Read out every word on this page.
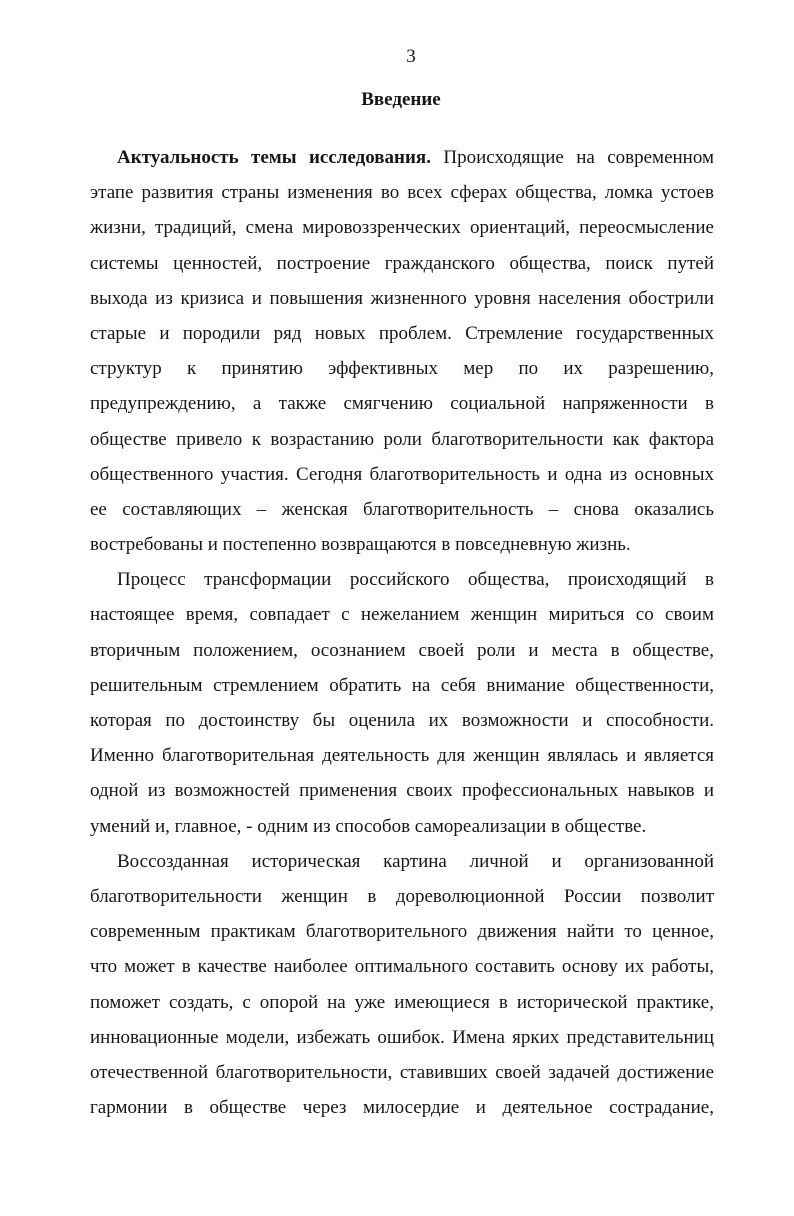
3
Введение
Актуальность темы исследования. Происходящие на современном
этапе развития страны изменения во всех сферах общества, ломка устоев
жизни, традиций, смена мировоззренческих ориентаций, переосмысление
системы ценностей, построение гражданского общества, поиск путей
выхода из кризиса и повышения жизненного уровня населения обострили
старые и породили ряд новых проблем. Стремление государственных
структур к принятию эффективных мер по их разрешению,
предупреждению, а также смягчению социальной напряженности в
обществе привело к возрастанию роли благотворительности как фактора
общественного участия. Сегодня благотворительность и одна из основных
ее составляющих – женская благотворительность – снова оказались
востребованы и постепенно возвращаются в повседневную жизнь.
Процесс трансформации российского общества, происходящий в
настоящее время, совпадает с нежеланием женщин мириться со своим
вторичным положением, осознанием своей роли и места в обществе,
решительным стремлением обратить на себя внимание общественности,
которая по достоинству бы оценила их возможности и способности.
Именно благотворительная деятельность для женщин являлась и является
одной из возможностей применения своих профессиональных навыков и
умений и, главное, - одним из способов самореализации в обществе.
Воссозданная историческая картина личной и организованной
благотворительности женщин в дореволюционной России позволит
современным практикам благотворительного движения найти то ценное,
что может в качестве наиболее оптимального составить основу их работы,
поможет создать, с опорой на уже имеющиеся в исторической практике,
инновационные модели, избежать ошибок. Имена ярких представительниц
отечественной благотворительности, ставивших своей задачей достижение
гармонии в обществе через милосердие и деятельное сострадание,
